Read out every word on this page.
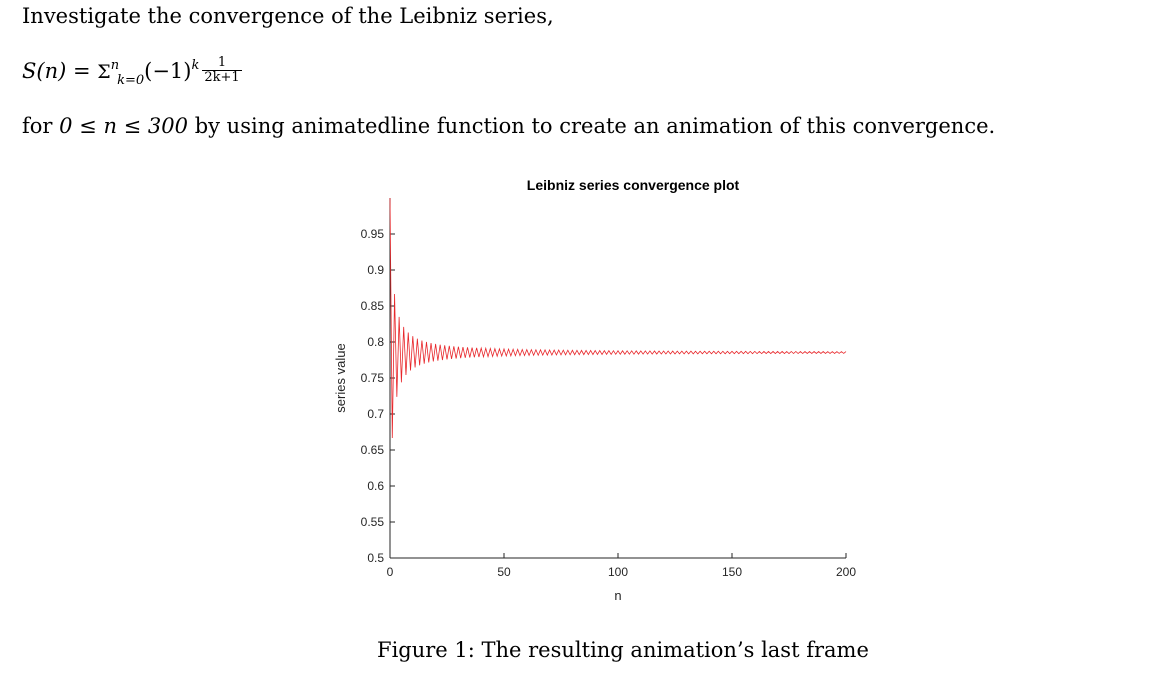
Investigate the convergence of the Leibniz series,
$S(n) = \Sigma^n_{k=0}(-1)^k \frac{1}{2k+1}$
for 0 ≤ n ≤ 300 by using animatedline function to create an animation of this convergence.
0.5
0.55
0.6
0.65
0.7
0.75
0.8
0.85
0.9
0.95
0	50	100	150	200
Leibniz series convergence plot
n
series value
Figure 1: The resulting animation’s last frame
